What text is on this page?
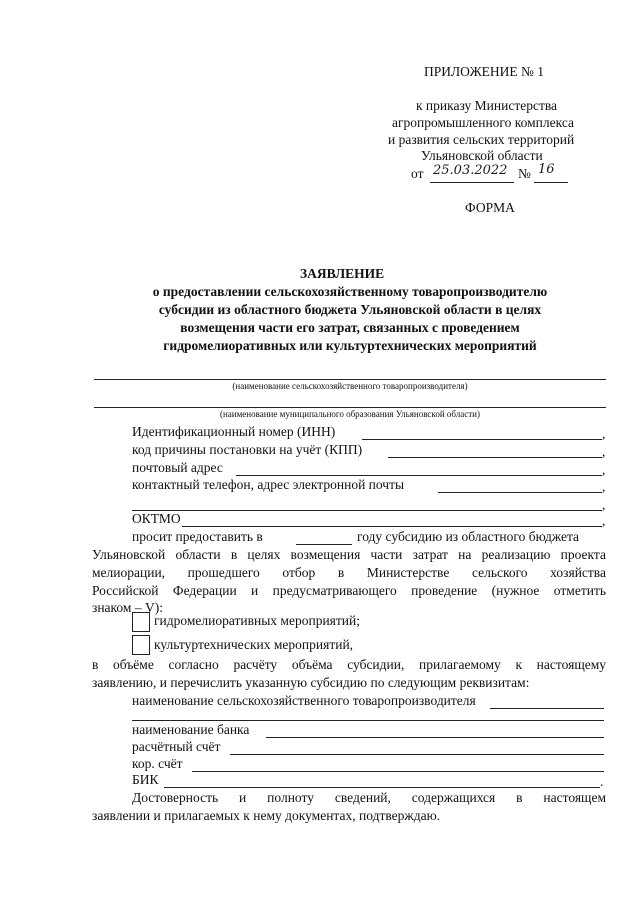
ПРИЛОЖЕНИЕ № 1
к приказу Министерства
агропромышленного комплекса
и развития сельских территорий
Ульяновской области
от 25.03.2022 № 16
ФОРМА
ЗАЯВЛЕНИЕ
о предоставлении сельскохозяйственному товаропроизводителю
субсидии из областного бюджета Ульяновской области в целях
возмещения части его затрат, связанных с проведением
гидромелиоративных или культуртехнических мероприятий
(наименование сельскохозяйственного товаропроизводителя)
(наименование муниципального образования Ульяновской области)
Идентификационный номер (ИНН)	,
код причины постановки на учёт (КПП)	,
почтовый адрес	,
контактный телефон, адрес электронной почты	,
,
ОКТМО	,
просит предоставить в	году субсидию из областного бюджета
Ульяновской области в целях возмещения части затрат на реализацию проекта
мелиорации, прошедшего отбор в Министерстве сельского хозяйства
Российской Федерации и предусматривающего проведение (нужное отметить
знаком – V):
гидромелиоративных мероприятий;
культуртехнических мероприятий,
в объёме согласно расчёту объёма субсидии, прилагаемому к настоящему
заявлению, и перечислить указанную субсидию по следующим реквизитам:
наименование сельскохозяйственного товаропроизводителя
наименование банка
расчётный счёт
кор. счёт
БИК	.
Достоверность и полноту сведений, содержащихся в настоящем
заявлении и прилагаемых к нему документах, подтверждаю.
